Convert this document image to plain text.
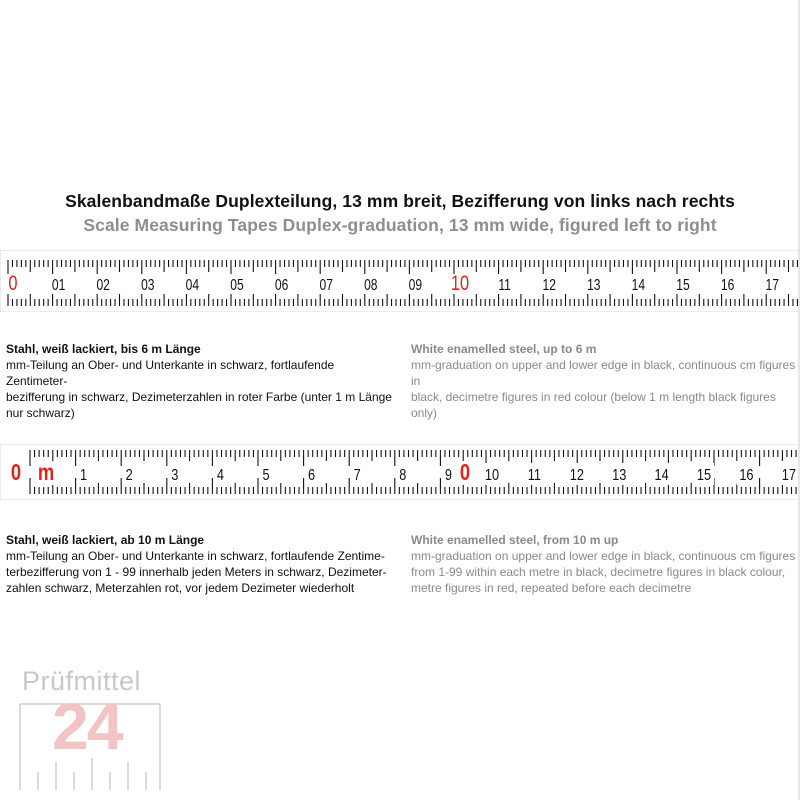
Skalenbandmaße Duplexteilung, 13 mm breit, Bezifferung von links nach rechts
Scale Measuring Tapes Duplex-graduation, 13 mm wide, figured left to right
0 01 02 03 04 05 06 07 08 09 10 11 12 13 14 15 16 17
Stahl, weiß lackiert, bis 6 m Länge
mm-Teilung an Ober- und Unterkante in schwarz, fortlaufende Zentimeter-
bezifferung in schwarz, Dezimeterzahlen in roter Farbe (unter 1 m Länge
nur schwarz)
White enamelled steel, up to 6 m
mm-graduation on upper and lower edge in black, continuous cm figures in
black, decimetre figures in red colour (below 1 m length black figures only)
0 m 1 2 3 4 5 6 7 8 9 0 10 11 12 13 14 15 16 17
Stahl, weiß lackiert, ab 10 m Länge
mm-Teilung an Ober- und Unterkante in schwarz, fortlaufende Zentime-
terbezifferung von 1 - 99 innerhalb jeden Meters in schwarz, Dezimeter-
zahlen schwarz, Meterzahlen rot, vor jedem Dezimeter wiederholt
White enamelled steel, from 10 m up
mm-graduation on upper and lower edge in black, continuous cm figures
from 1-99 within each metre in black, decimetre figures in black colour,
metre figures in red, repeated before each decimetre
Prüfmittel
24
